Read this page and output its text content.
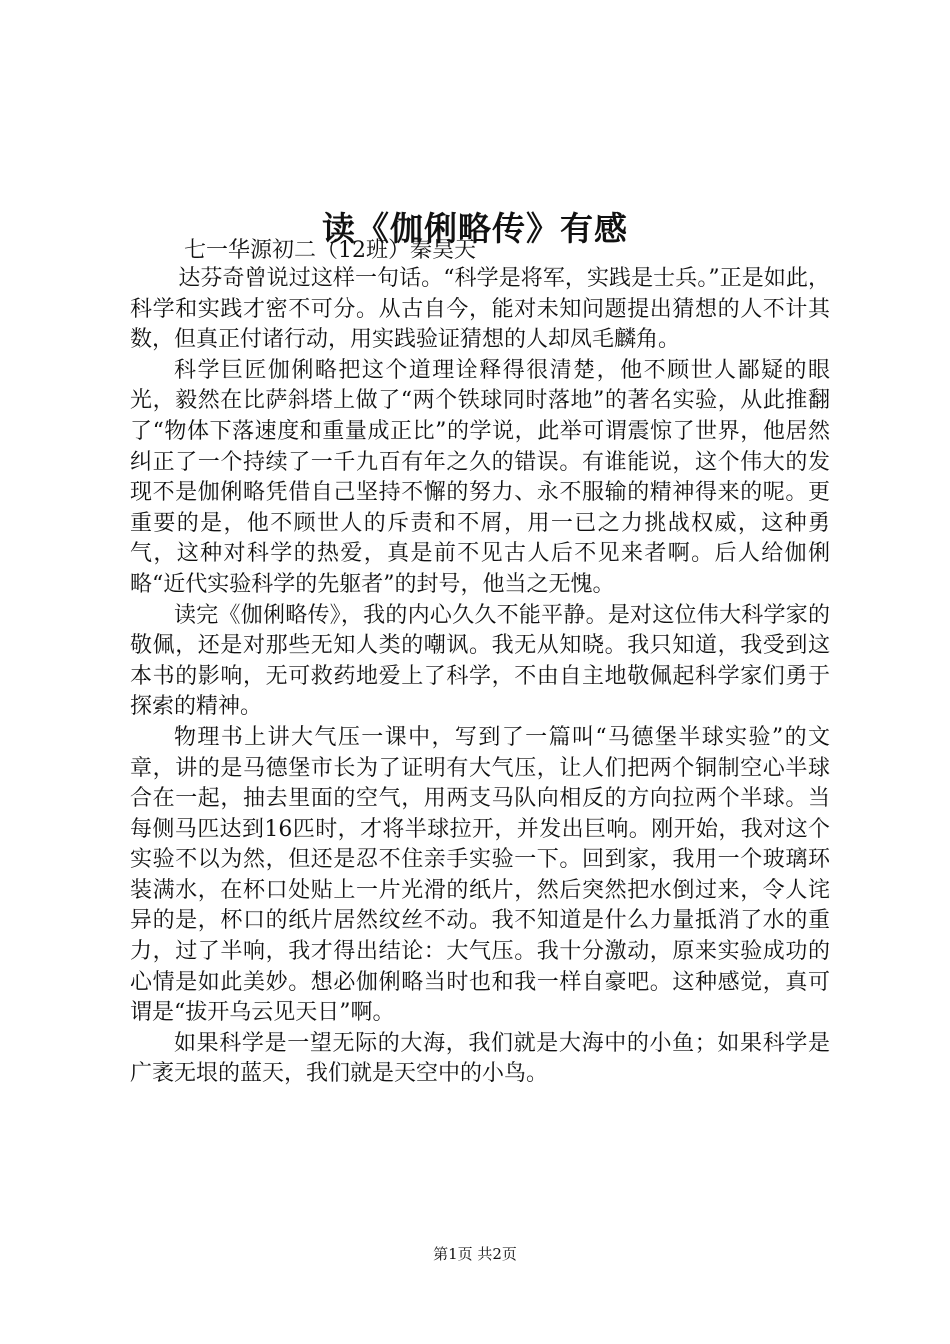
读《伽俐略传》有感
七一华源初二（12班）秦昊天

达芬奇曾说过这样一句话。“科学是将军，实践是士兵。”正是如此，科学和实践才密不可分。从古自今，能对未知问题提出猜想的人不计其数，但真正付诸行动，用实践验证猜想的人却凤毛麟角。

科学巨匠伽俐略把这个道理诠释得很清楚，他不顾世人鄙疑的眼光，毅然在比萨斜塔上做了“两个铁球同时落地”的著名实验，从此推翻了“物体下落速度和重量成正比”的学说，此举可谓震惊了世界，他居然纠正了一个持续了一千九百有年之久的错误。有谁能说，这个伟大的发现不是伽俐略凭借自己坚持不懈的努力、永不服输的精神得来的呢。更重要的是，他不顾世人的斥责和不屑，用一已之力挑战权威，这种勇气，这种对科学的热爱，真是前不见古人后不见来者啊。后人给伽俐略“近代实验科学的先躯者”的封号，他当之无愧。

读完《伽俐略传》，我的内心久久不能平静。是对这位伟大科学家的敬佩，还是对那些无知人类的嘲讽。我无从知晓。我只知道，我受到这本书的影响，无可救药地爱上了科学，不由自主地敬佩起科学家们勇于探索的精神。

物理书上讲大气压一课中，写到了一篇叫“马德堡半球实验”的文章，讲的是马德堡市长为了证明有大气压，让人们把两个铜制空心半球合在一起，抽去里面的空气，用两支马队向相反的方向拉两个半球。当每侧马匹达到16匹时，才将半球拉开，并发出巨响。刚开始，我对这个实验不以为然，但还是忍不住亲手实验一下。回到家，我用一个玻璃环装满水，在杯口处贴上一片光滑的纸片，然后突然把水倒过来，令人诧异的是，杯口的纸片居然纹丝不动。我不知道是什么力量抵消了水的重力，过了半响，我才得出结论：大气压。我十分激动，原来实验成功的心情是如此美妙。想必伽俐略当时也和我一样自豪吧。这种感觉，真可谓是“拔开乌云见天日”啊。

如果科学是一望无际的大海，我们就是大海中的小鱼；如果科学是广袤无垠的蓝天，我们就是天空中的小鸟。

第1页 共2页
